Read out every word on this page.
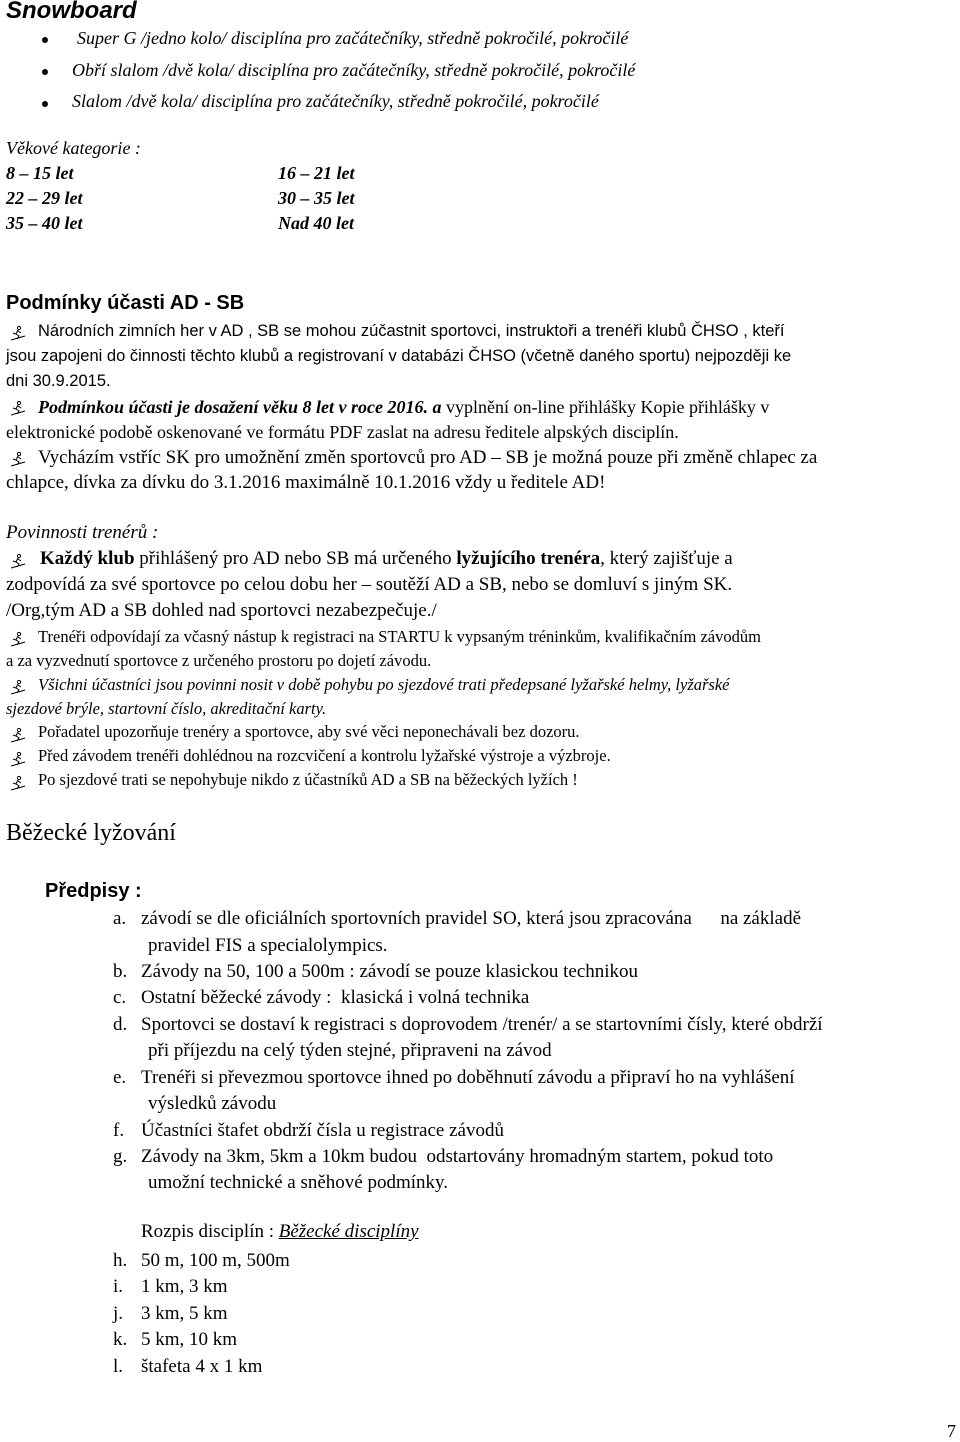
Snowboard
Super G /jedno kolo/ disciplína pro začátečníky, středně pokročilé, pokročilé
Obří slalom /dvě kola/ disciplína pro začátečníky, středně pokročilé, pokročilé
Slalom /dvě kola/ disciplína pro začátečníky, středně pokročilé, pokročilé
Věkové kategorie :
8 – 15 let
22 – 29 let
35 – 40 let
16 – 21 let
30 – 35 let
Nad 40 let
Podmínky účasti AD - SB
Národních zimních her v AD , SB se mohou zúčastnit sportovci, instruktoři a trenéři klubů ČHSO , kteří
jsou zapojeni do činnosti těchto klubů a registrovaní v databázi ČHSO (včetně daného sportu) nejpozději ke
dni 30.9.2015.
Podmínkou účasti je dosažení věku 8 let v roce 2016. a vyplnění on-line přihlášky Kopie přihlášky v
elektronické podobě oskenované ve formátu PDF zaslat na adresu ředitele alpských disciplín.
Vycházím vstříc SK pro umožnění změn sportovců pro AD – SB je možná pouze při změně chlapec za
chlapce, dívka za dívku do 3.1.2016 maximálně 10.1.2016 vždy u ředitele AD!
Povinnosti trenérů :
Každý klub přihlášený pro AD nebo SB má určeného lyžujícího trenéra, který zajišťuje a
zodpovídá za své sportovce po celou dobu her – soutěží AD a SB, nebo se domluví s jiným SK.
/Org,tým AD a SB dohled nad sportovci nezabezpečuje./
Trenéři odpovídají za včasný nástup k registraci na STARTU k vypsaným tréninkům, kvalifikačním závodům
a za vyzvednutí sportovce z určeného prostoru po dojetí závodu.
Všichni účastníci jsou povinni nosit v době pohybu po sjezdové trati předepsané lyžařské helmy, lyžařské
sjezdové brýle, startovní číslo, akreditační karty.
Pořadatel upozorňuje trenéry a sportovce, aby své věci neponechávali bez dozoru.
Před závodem trenéři dohlédnou na rozcvičení a kontrolu lyžařské výstroje a výzbroje.
Po sjezdové trati se nepohybuje nikdo z účastníků AD a SB na běžeckých lyžích !
Běžecké lyžování
Předpisy :
a. závodí se dle oficiálních sportovních pravidel SO, která jsou zpracována      na základě
pravidel FIS a specialolympics.
b. Závody na 50, 100 a 500m : závodí se pouze klasickou technikou
c. Ostatní běžecké závody :  klasická i volná technika
d. Sportovci se dostaví k registraci s doprovodem /trenér/ a se startovními čísly, které obdrží
při příjezdu na celý týden stejné, připraveni na závod
e. Trenéři si převezmou sportovce ihned po doběhnutí závodu a připraví ho na vyhlášení
výsledků závodu
f. Účastníci štafet obdrží čísla u registrace závodů
g. Závody na 3km, 5km a 10km budou  odstartovány hromadným startem, pokud toto
umožní technické a sněhové podmínky.
Rozpis disciplín : Běžecké disciplíny
h. 50 m, 100 m, 500m
i. 1 km, 3 km
j. 3 km, 5 km
k. 5 km, 10 km
l. štafeta 4 x 1 km
7
